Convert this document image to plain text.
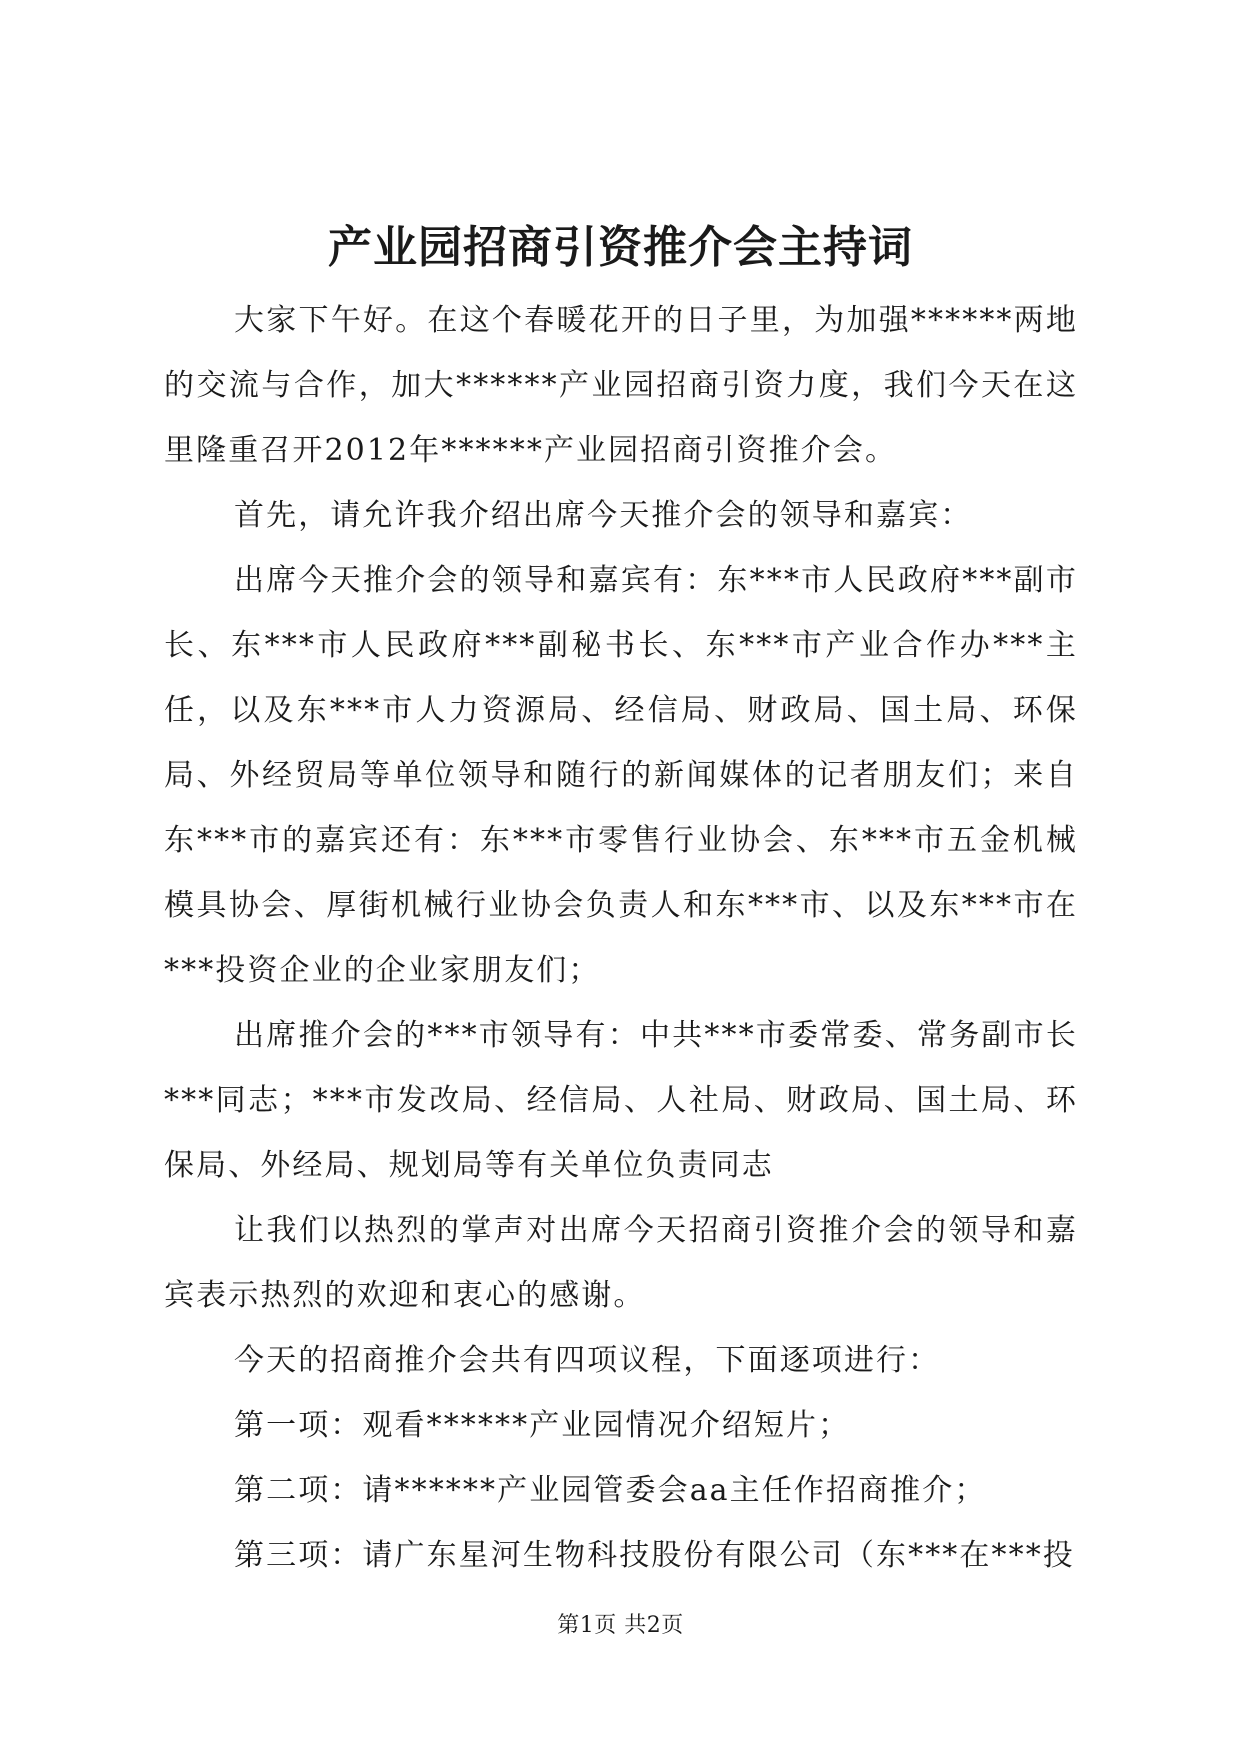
产业园招商引资推介会主持词

大家下午好。在这个春暖花开的日子里，为加强******两地的交流与合作，加大******产业园招商引资力度，我们今天在这里隆重召开2012年******产业园招商引资推介会。

首先，请允许我介绍出席今天推介会的领导和嘉宾：

出席今天推介会的领导和嘉宾有：东***市人民政府***副市长、东***市人民政府***副秘书长、东***市产业合作办***主任，以及东***市人力资源局、经信局、财政局、国土局、环保局、外经贸局等单位领导和随行的新闻媒体的记者朋友们；来自东***市的嘉宾还有：东***市零售行业协会、东***市五金机械模具协会、厚街机械行业协会负责人和东***市、以及东***市在***投资企业的企业家朋友们；

出席推介会的***市领导有：中共***市委常委、常务副市长***同志；***市发改局、经信局、人社局、财政局、国土局、环保局、外经局、规划局等有关单位负责同志

让我们以热烈的掌声对出席今天招商引资推介会的领导和嘉宾表示热烈的欢迎和衷心的感谢。

今天的招商推介会共有四项议程，下面逐项进行：

第一项：观看******产业园情况介绍短片；

第二项：请******产业园管委会aa主任作招商推介；

第三项：请广东星河生物科技股份有限公司（东***在***投

第1页 共2页
